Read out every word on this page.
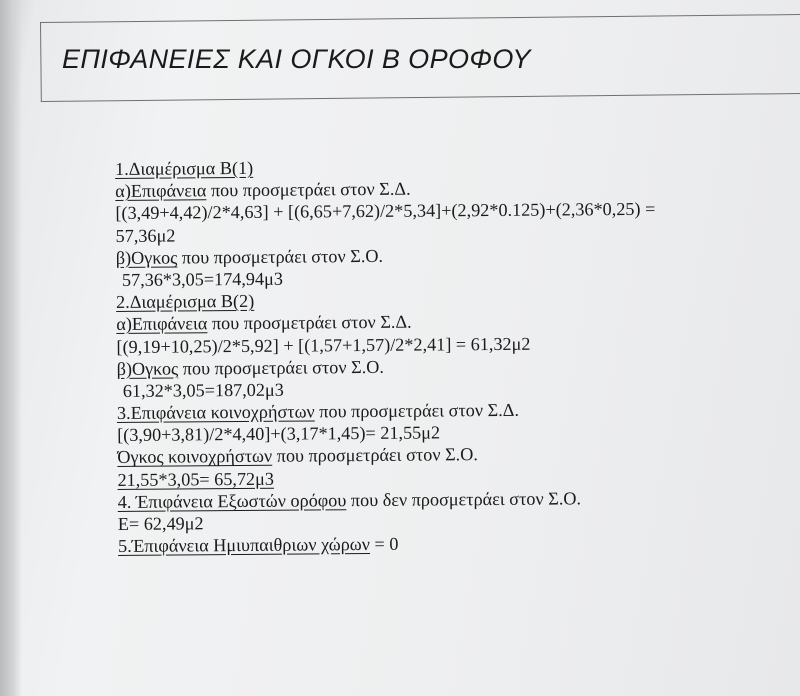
ΕΠΙΦΑΝΕΙΕΣ ΚΑΙ ΟΓΚΟΙ Β ΟΡΟΦΟΥ
1.Διαμέρισμα Β(1)
α)Επιφάνεια που προσμετράει στον Σ.Δ.
[(3,49+4,42)/2*4,63] + [(6,65+7,62)/2*5,34]+(2,92*0.125)+(2,36*0,25) =
57,36μ2
β)Ογκος που προσμετράει στον Σ.Ο.
57,36*3,05=174,94μ3
2.Διαμέρισμα Β(2)
α)Επιφάνεια που προσμετράει στον Σ.Δ.
[(9,19+10,25)/2*5,92] + [(1,57+1,57)/2*2,41] = 61,32μ2
β)Ογκος που προσμετράει στον Σ.Ο.
61,32*3,05=187,02μ3
3.Επιφάνεια κοινοχρήστων που προσμετράει στον Σ.Δ.
[(3,90+3,81)/2*4,40]+(3,17*1,45)= 21,55μ2
Όγκος κοινοχρήστων που προσμετράει στον Σ.Ο.
21,55*3,05= 65,72μ3
4. Έπιφάνεια Εξωστών ορόφου που δεν προσμετράει στον Σ.Ο.
Ε= 62,49μ2
5.Έπιφάνεια Ημιυπαιθριων χώρων = 0
